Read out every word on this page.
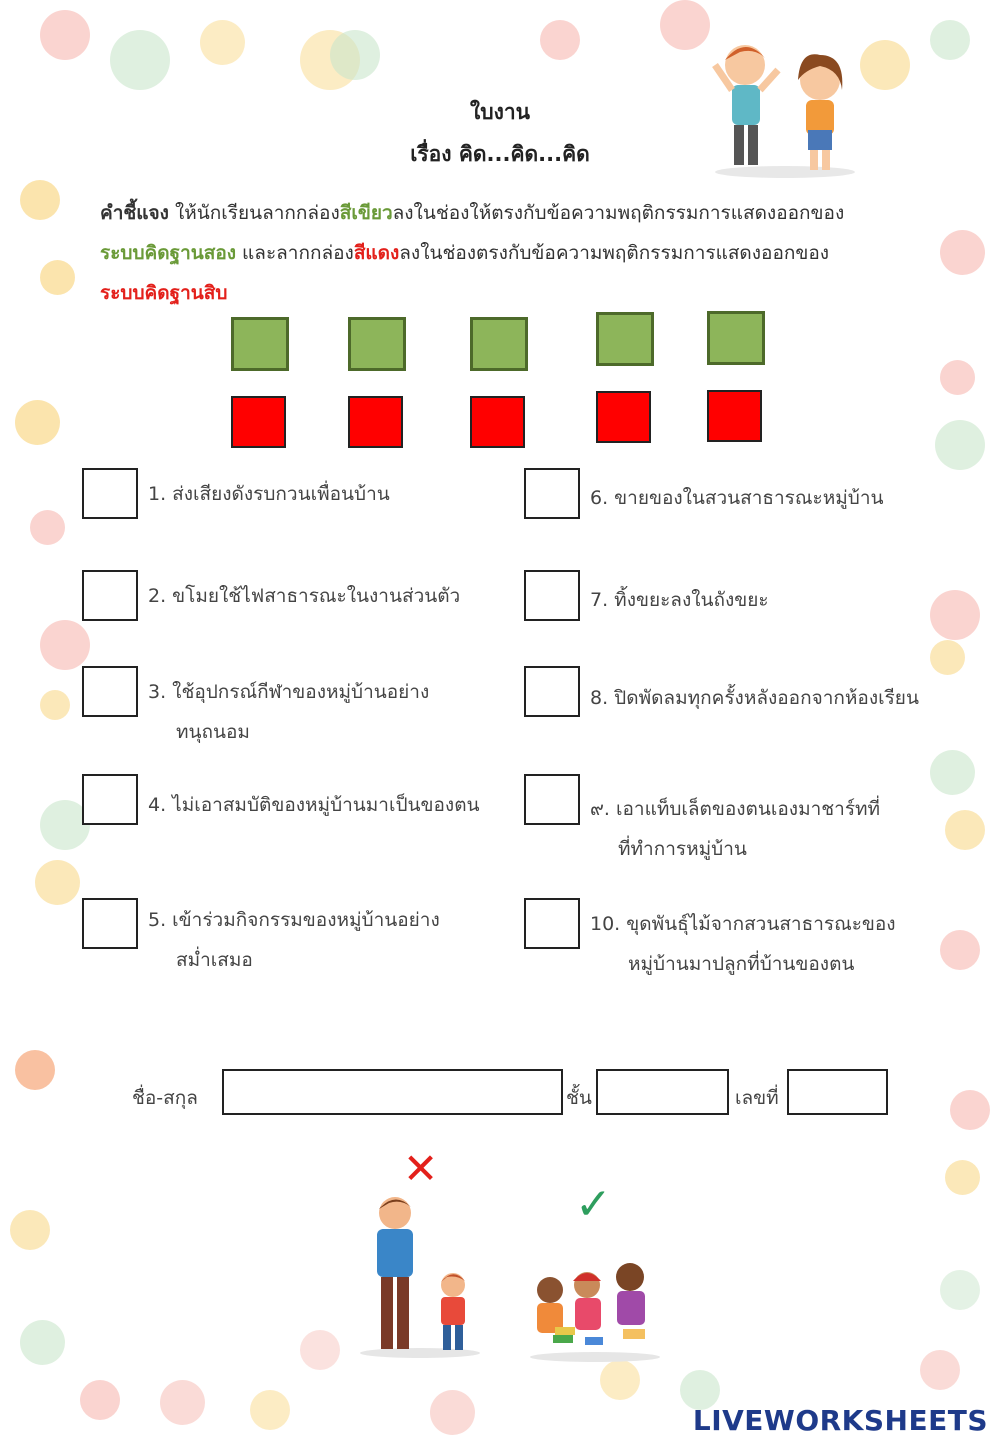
ใบงาน
เรื่อง คิด...คิด...คิด
คำชี้แจง ให้นักเรียนลากกล่องสีเขียวลงในช่องให้ตรงกับข้อความพฤติกรรมการแสดงออกของ
ระบบคิดฐานสอง และลากกล่องสีแดงลงในช่องตรงกับข้อความพฤติกรรมการแสดงออกของ
ระบบคิดฐานสิบ
1. ส่งเสียงดังรบกวนเพื่อนบ้าน
2. ขโมยใช้ไฟสาธารณะในงานส่วนตัว
3. ใช้อุปกรณ์กีฬาของหมู่บ้านอย่าง
ทนุถนอม
4. ไม่เอาสมบัติของหมู่บ้านมาเป็นของตน
5. เข้าร่วมกิจกรรมของหมู่บ้านอย่าง
สม่ำเสมอ
6. ขายของในสวนสาธารณะหมู่บ้าน
7. ทิ้งขยะลงในถังขยะ
8. ปิดพัดลมทุกครั้งหลังออกจากห้องเรียน
๙. เอาแท็บเล็ตของตนเองมาชาร์ทที่
ที่ทำการหมู่บ้าน
10. ขุดพันธุ์ไม้จากสวนสาธารณะของ
หมู่บ้านมาปลูกที่บ้านของตน
ชื่อ-สกุล	ชั้น	เลขที่
✕
✓
LIVEWORKSHEETS
